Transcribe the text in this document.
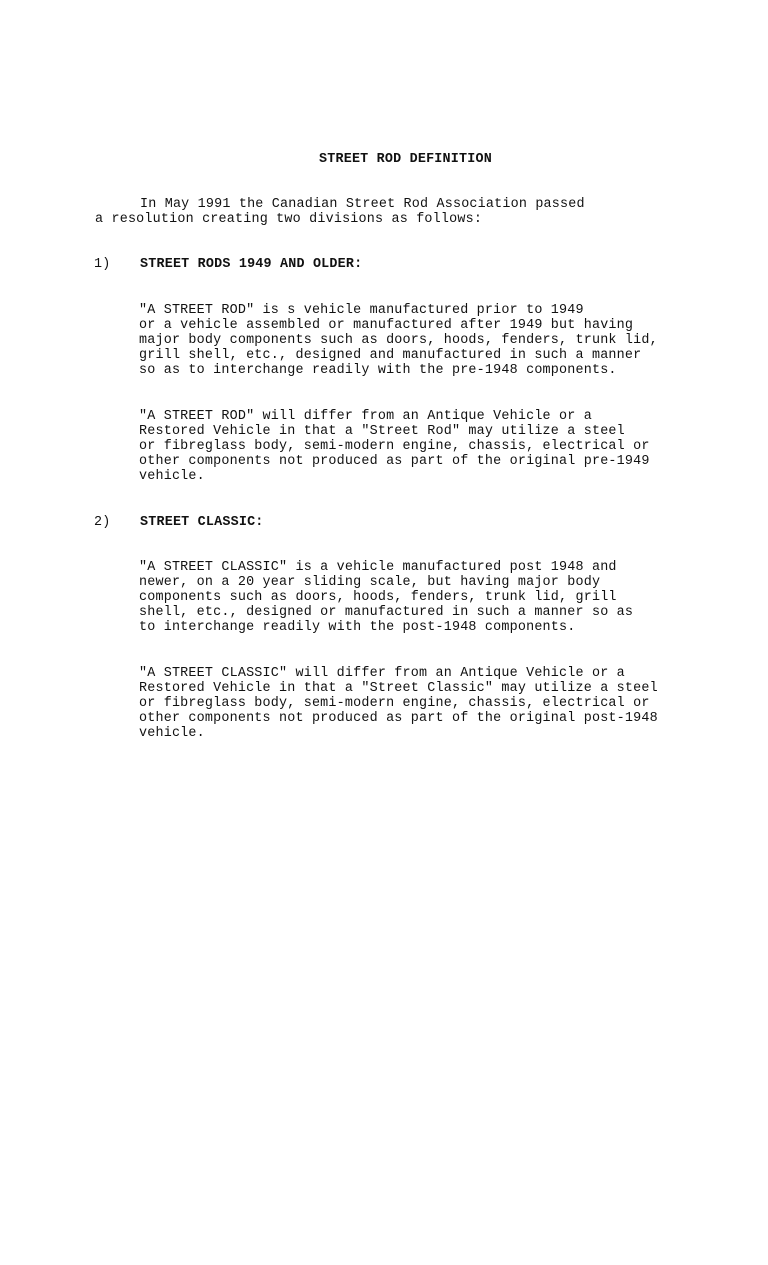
STREET ROD DEFINITION
In May 1991 the Canadian Street Rod Association passed
a resolution creating two divisions as follows:
1) STREET RODS 1949 AND OLDER:
"A STREET ROD" is s vehicle manufactured prior to 1949
or a vehicle assembled or manufactured after 1949 but having
major body components such as doors, hoods, fenders, trunk lid,
grill shell, etc., designed and manufactured in such a manner
so as to interchange readily with the pre-1948 components.
"A STREET ROD" will differ from an Antique Vehicle or a
Restored Vehicle in that a "Street Rod" may utilize a steel
or fibreglass body, semi-modern engine, chassis, electrical or
other components not produced as part of the original pre-1949
vehicle.
2) STREET CLASSIC:
"A STREET CLASSIC" is a vehicle manufactured post 1948 and
newer, on a 20 year sliding scale, but having major body
components such as doors, hoods, fenders, trunk lid, grill
shell, etc., designed or manufactured in such a manner so as
to interchange readily with the post-1948 components.
"A STREET CLASSIC" will differ from an Antique Vehicle or a
Restored Vehicle in that a "Street Classic" may utilize a steel
or fibreglass body, semi-modern engine, chassis, electrical or
other components not produced as part of the original post-1948
vehicle.
